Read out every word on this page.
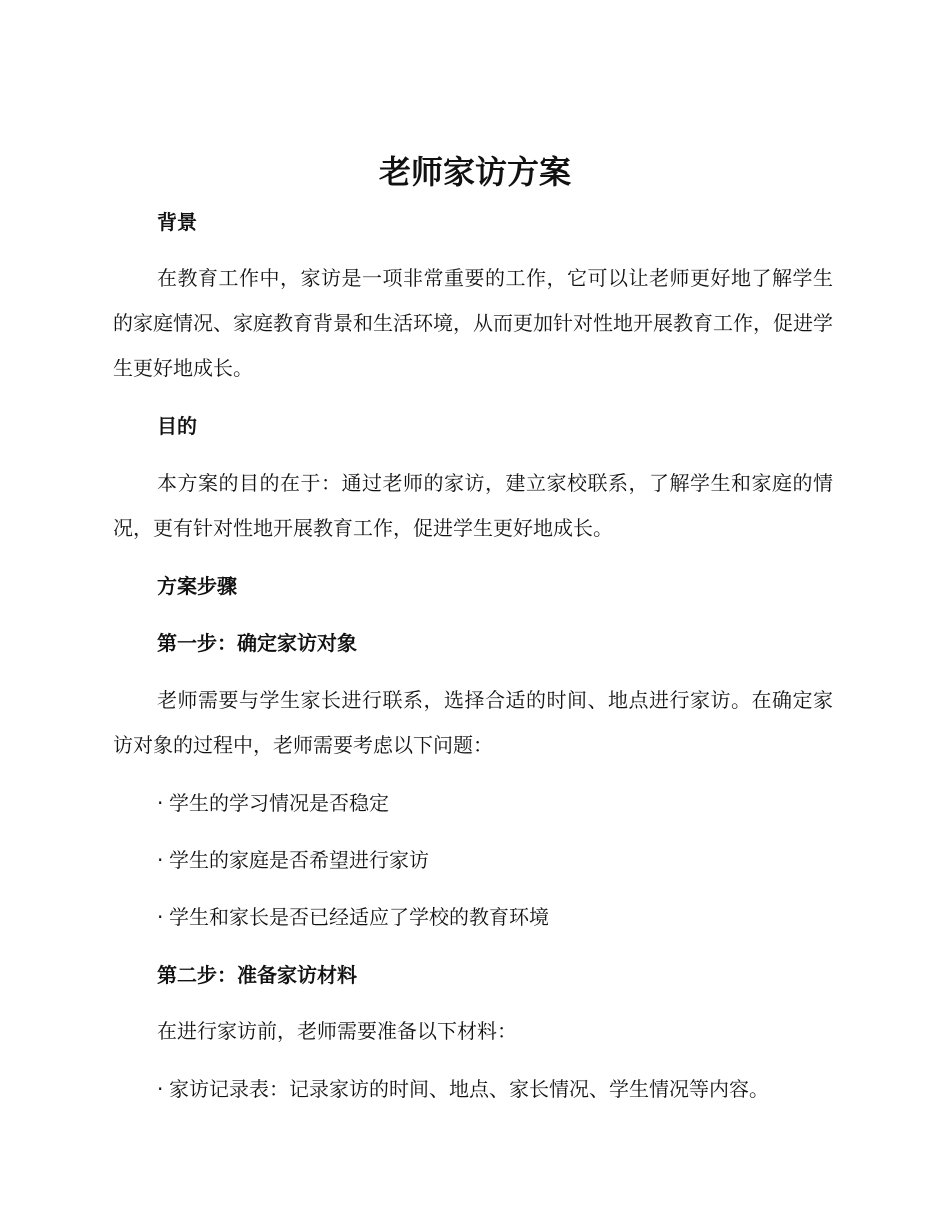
老师家访方案
背景

在教育工作中，家访是一项非常重要的工作，它可以让老师更好地了解学生的家庭情况、家庭教育背景和生活环境，从而更加针对性地开展教育工作，促进学生更好地成长。

目的

本方案的目的在于：通过老师的家访，建立家校联系，了解学生和家庭的情况，更有针对性地开展教育工作，促进学生更好地成长。

方案步骤
第一步：确定家访对象

老师需要与学生家长进行联系，选择合适的时间、地点进行家访。在确定家访对象的过程中，老师需要考虑以下问题：

· 学生的学习情况是否稳定
· 学生的家庭是否希望进行家访
· 学生和家长是否已经适应了学校的教育环境
第二步：准备家访材料

在进行家访前，老师需要准备以下材料：

· 家访记录表：记录家访的时间、地点、家长情况、学生情况等内容。
